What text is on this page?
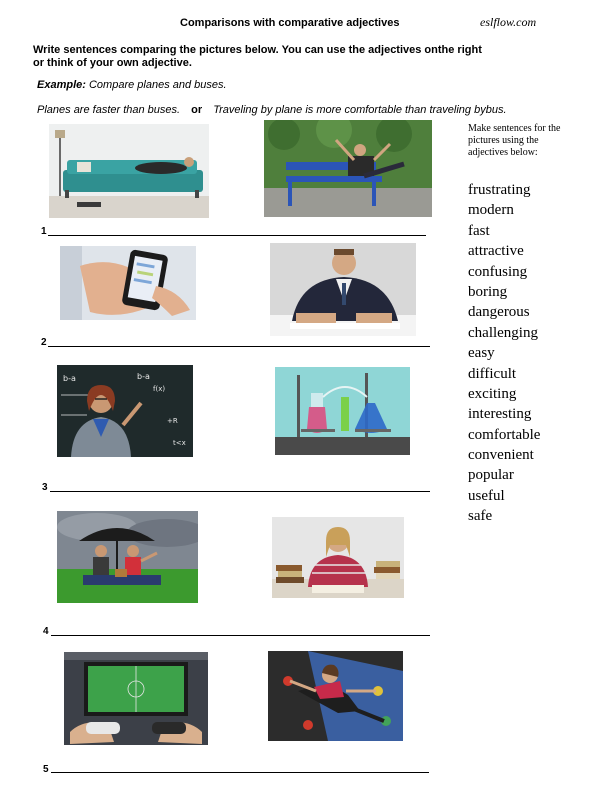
Comparisons with comparative adjectives	eslflow.com
Write sentences comparing the pictures below. You can use the adjectives onthe right or think of your own adjective.
Example: Compare planes and buses.
Planes are faster than buses. or Traveling by plane is more comfortable than traveling bybus.
Make sentences for the pictures using the adjectives below:
frustrating
modern
fast
attractive
confusing
boring
dangerous
challenging
easy
difficult
exciting
interesting
comfortable
convenient
popular
useful
safe
1
2
b-a	b-a
f(x)
+R
t<x
3
4
5
